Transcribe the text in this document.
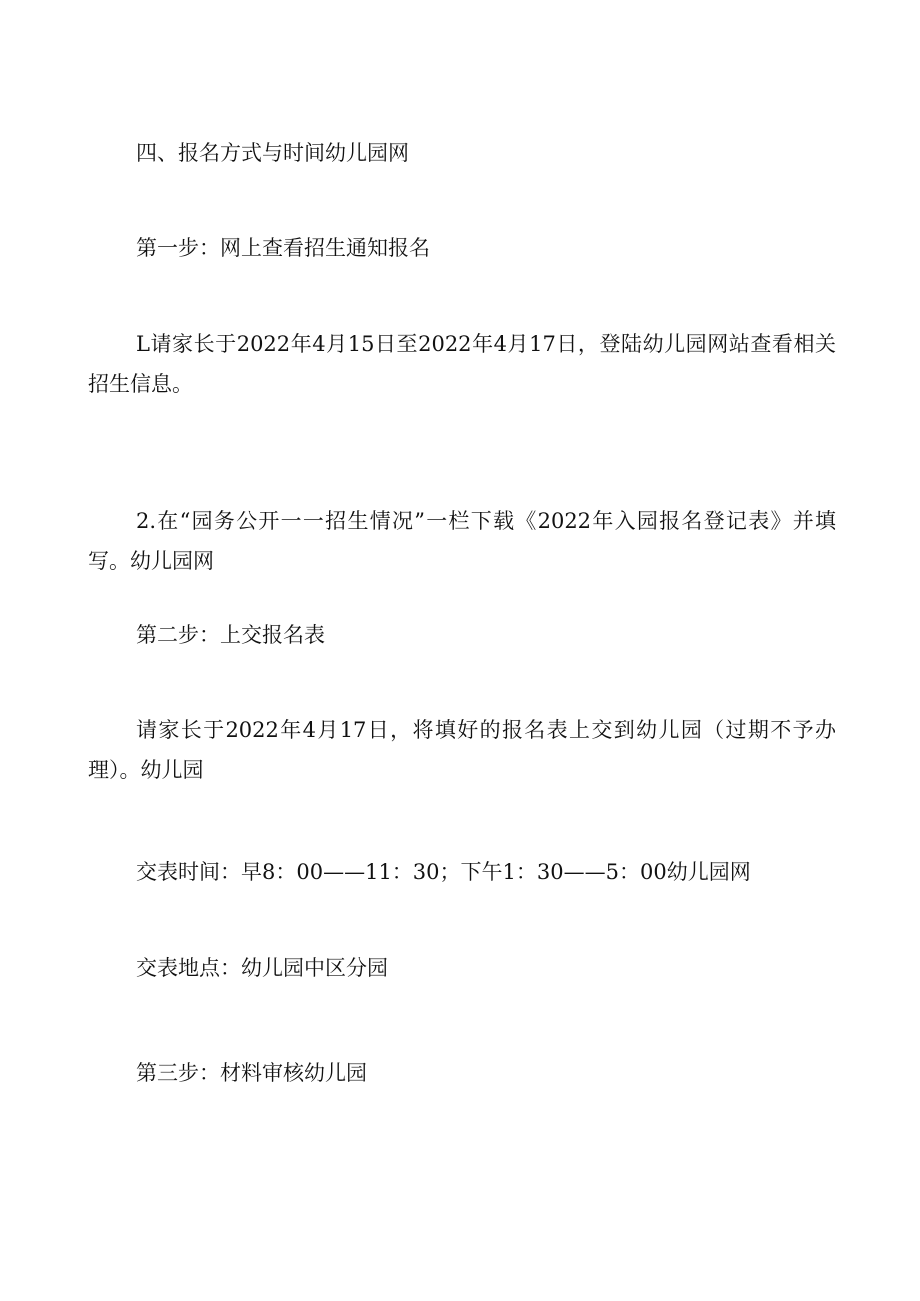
四、报名方式与时间幼儿园网

第一步：网上查看招生通知报名

L请家长于2022年4月15日至2022年4月17日，登陆幼儿园网站查看相关招生信息。

2.在“园务公开一一招生情况”一栏下载《2022年入园报名登记表》并填写。幼儿园网

第二步：上交报名表

请家长于2022年4月17日，将填好的报名表上交到幼儿园（过期不予办理）。幼儿园

交表时间：早8：00——11：30；下午1：30——5：00幼儿园网

交表地点：幼儿园中区分园

第三步：材料审核幼儿园
